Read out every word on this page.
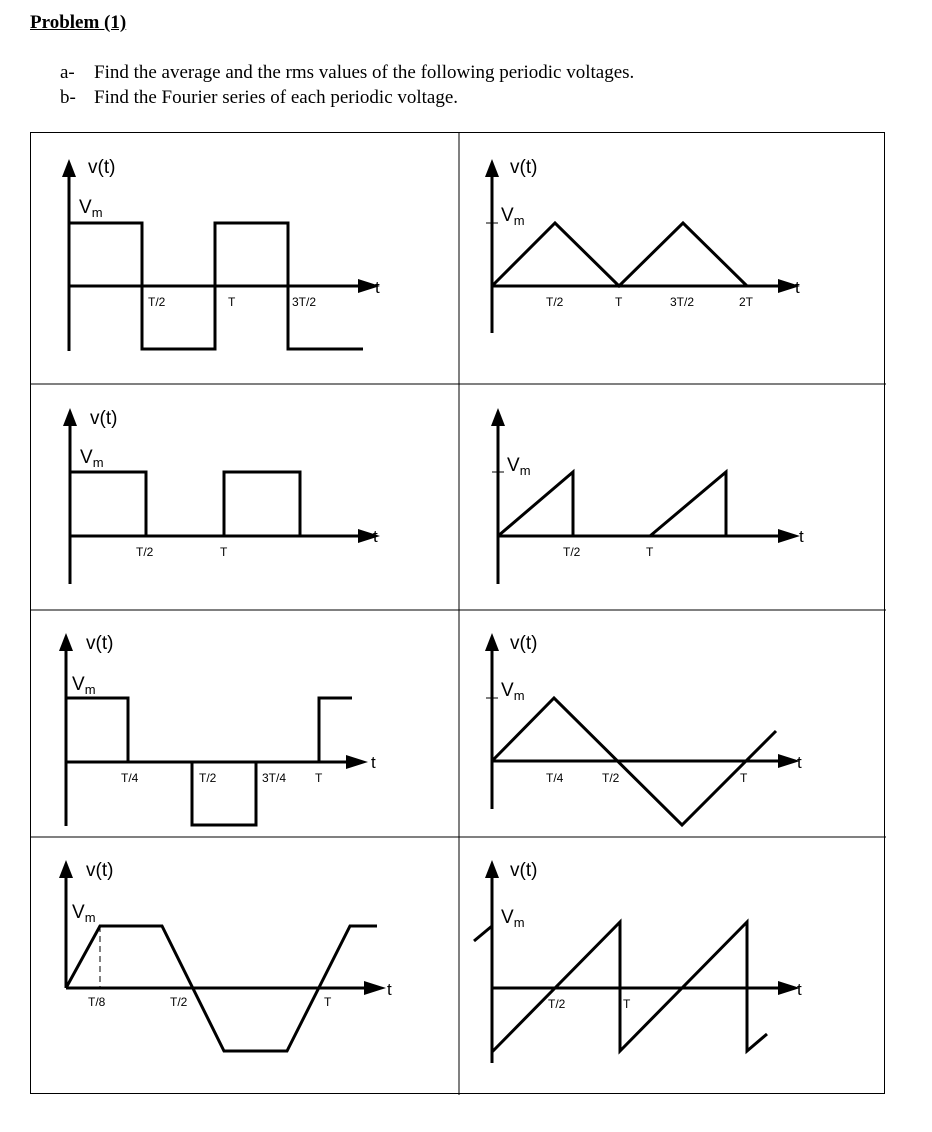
Problem (1)
a- Find the average and the rms values of the following periodic voltages.
b- Find the Fourier series of each periodic voltage.
v(t)
$V_m$
t
T/2	T	3T/2
v(t)
$V_m$
t
T/2	T	3T/2	2T
v(t)
$V_m$
t
T/2	T
$V_m$
t
T/2	T
v(t)
$V_m$
t
T/4	T/2	3T/4 T
v(t)
$V_m$
t
T/4	T/2	T
v(t)
$V_m$
t
T/8	T/2	T
v(t)
$V_m$
t
T/2	T
